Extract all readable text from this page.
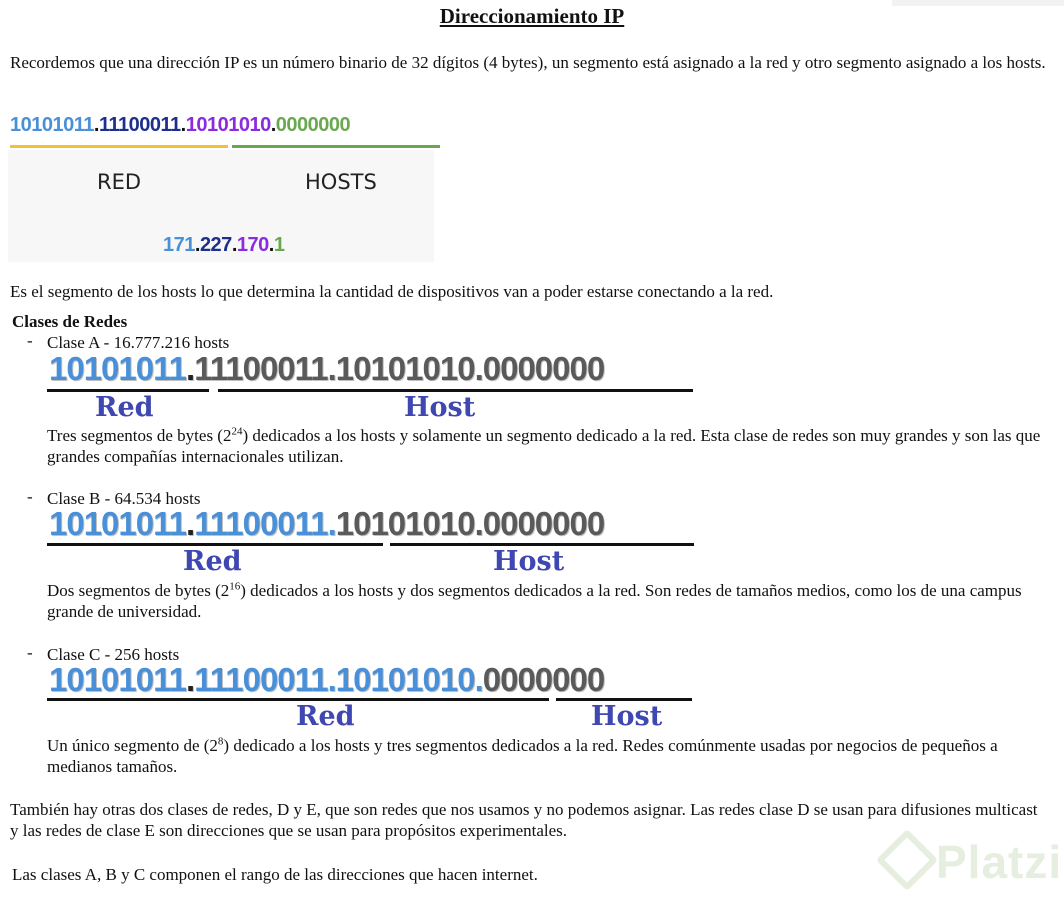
Direccionamiento IP
Recordemos que una dirección IP es un número binario de 32 dígitos (4 bytes), un segmento está asignado a la red y otro segmento asignado a los hosts.
10101011.11100011.10101010.0000000
RED	HOSTS
171.227.170.1
Es el segmento de los hosts lo que determina la cantidad de dispositivos van a poder estarse conectando a la red.
Clases de Redes
- Clase A - 16.777.216 hosts
10101011.11100011.10101010.0000000
Red	Host
Tres segmentos de bytes $(2^{24})$ dedicados a los hosts y solamente un segmento dedicado a la red. Esta clase de redes son muy grandes y son las que grandes compañías internacionales utilizan.
- Clase B - 64.534 hosts
10101011.11100011.10101010.0000000
Red	Host
Dos segmentos de bytes $(2^{16})$ dedicados a los hosts y dos segmentos dedicados a la red. Son redes de tamaños medios, como los de una campus grande de universidad.
- Clase C - 256 hosts
10101011.11100011.10101010.0000000
Red	Host
Un único segmento de $(2^8)$ dedicado a los hosts y tres segmentos dedicados a la red. Redes comúnmente usadas por negocios de pequeños a medianos tamaños.
También hay otras dos clases de redes, D y E, que son redes que nos usamos y no podemos asignar. Las redes clase D se usan para difusiones multicast y las redes de clase E son direcciones que se usan para propósitos experimentales.
Las clases A, B y C componen el rango de las direcciones que hacen internet.	Platzi
